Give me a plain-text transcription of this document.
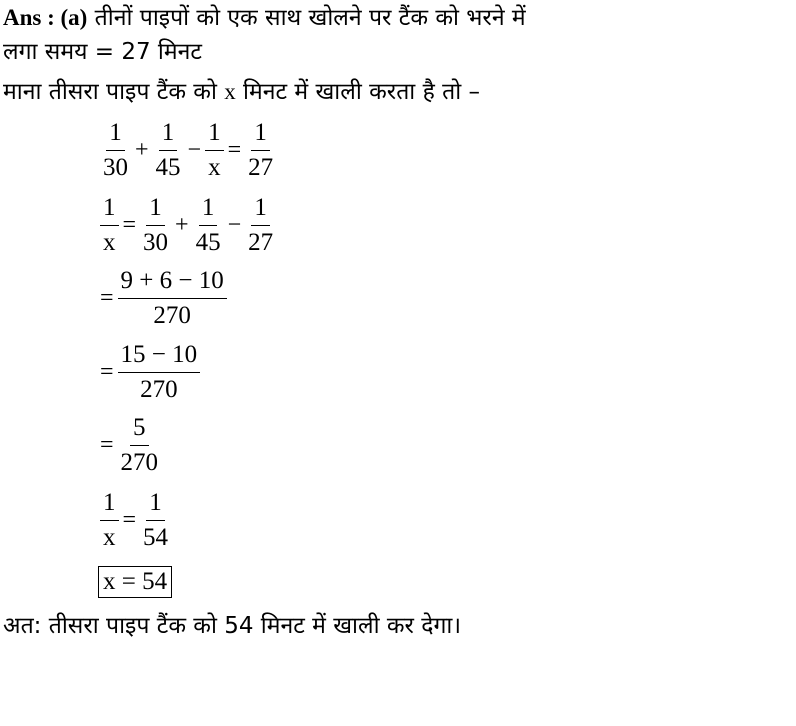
Ans : (a) तीनों पाइपों को एक साथ खोलने पर टैंक को भरने में
लगा समय = 27 मिनट
माना तीसरा पाइप टैंक को x मिनट में खाली करता है तो –
$\frac{1}{30} + \frac{1}{45} - \frac{1}{x} = \frac{1}{27}$
$\frac{1}{x} = \frac{1}{30} + \frac{1}{45} - \frac{1}{27}$
= $\frac{9 + 6 - 10}{270}$
= $\frac{15 - 10}{270}$
= $\frac{5}{270}$
$\frac{1}{x} = \frac{1}{54}$
x = 54
अत: तीसरा पाइप टैंक को 54 मिनट में खाली कर देगा।
